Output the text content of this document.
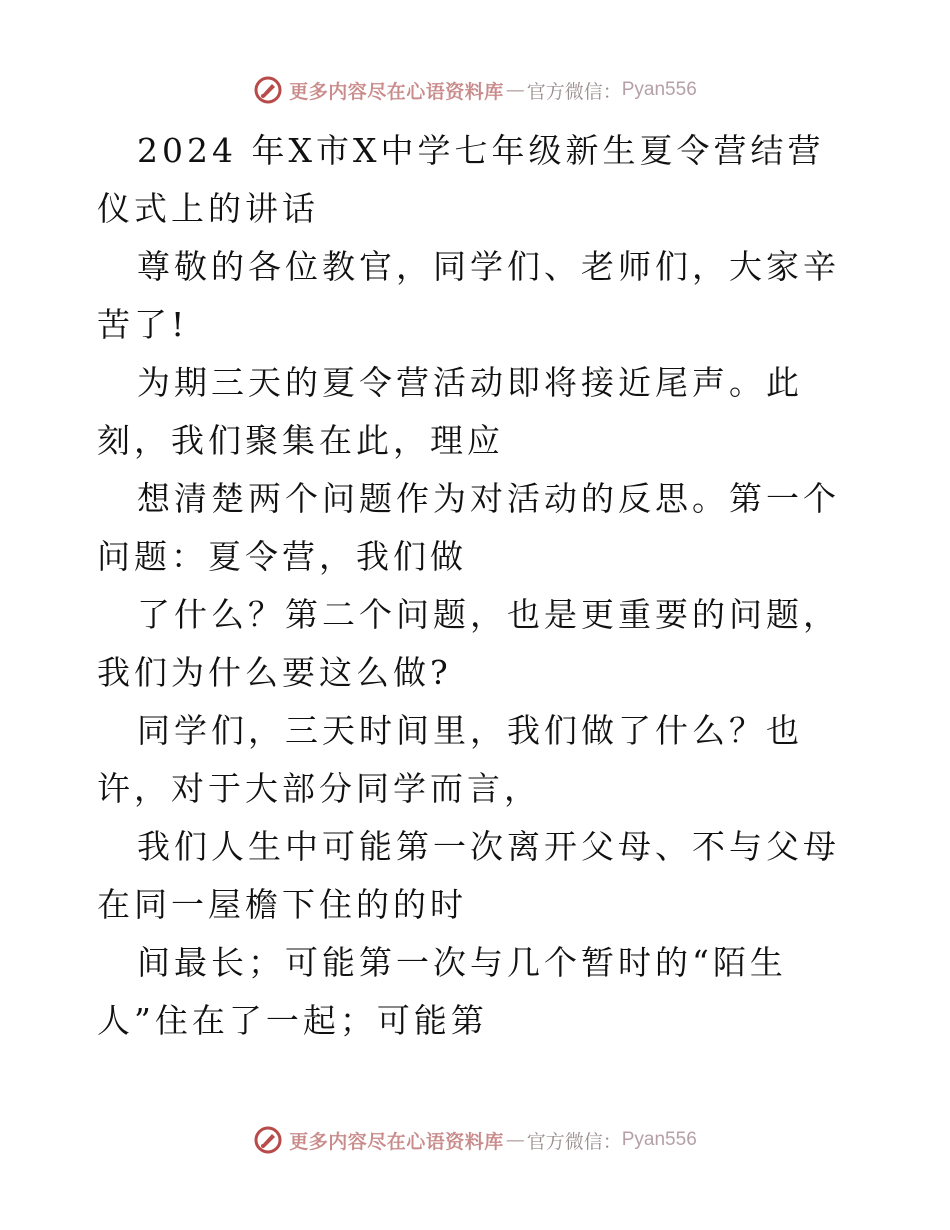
更多内容尽在心语资料库 — 官方微信： Pyan556

2024 年X市X中学七年级新生夏令营结营仪式上的讲话

尊敬的各位教官，同学们、老师们，大家辛苦了!

为期三天的夏令营活动即将接近尾声。此刻，我们聚集在此，理应

想清楚两个问题作为对活动的反思。第一个问题：夏令营，我们做

了什么？第二个问题，也是更重要的问题，我们为什么要这么做?

同学们，三天时间里，我们做了什么？也许，对于大部分同学而言，

我们人生中可能第一次离开父母、不与父母在同一屋檐下住的的时

间最长；可能第一次与几个暂时的“陌生人”住在了一起；可能第

更多内容尽在心语资料库 — 官方微信： Pyan556
